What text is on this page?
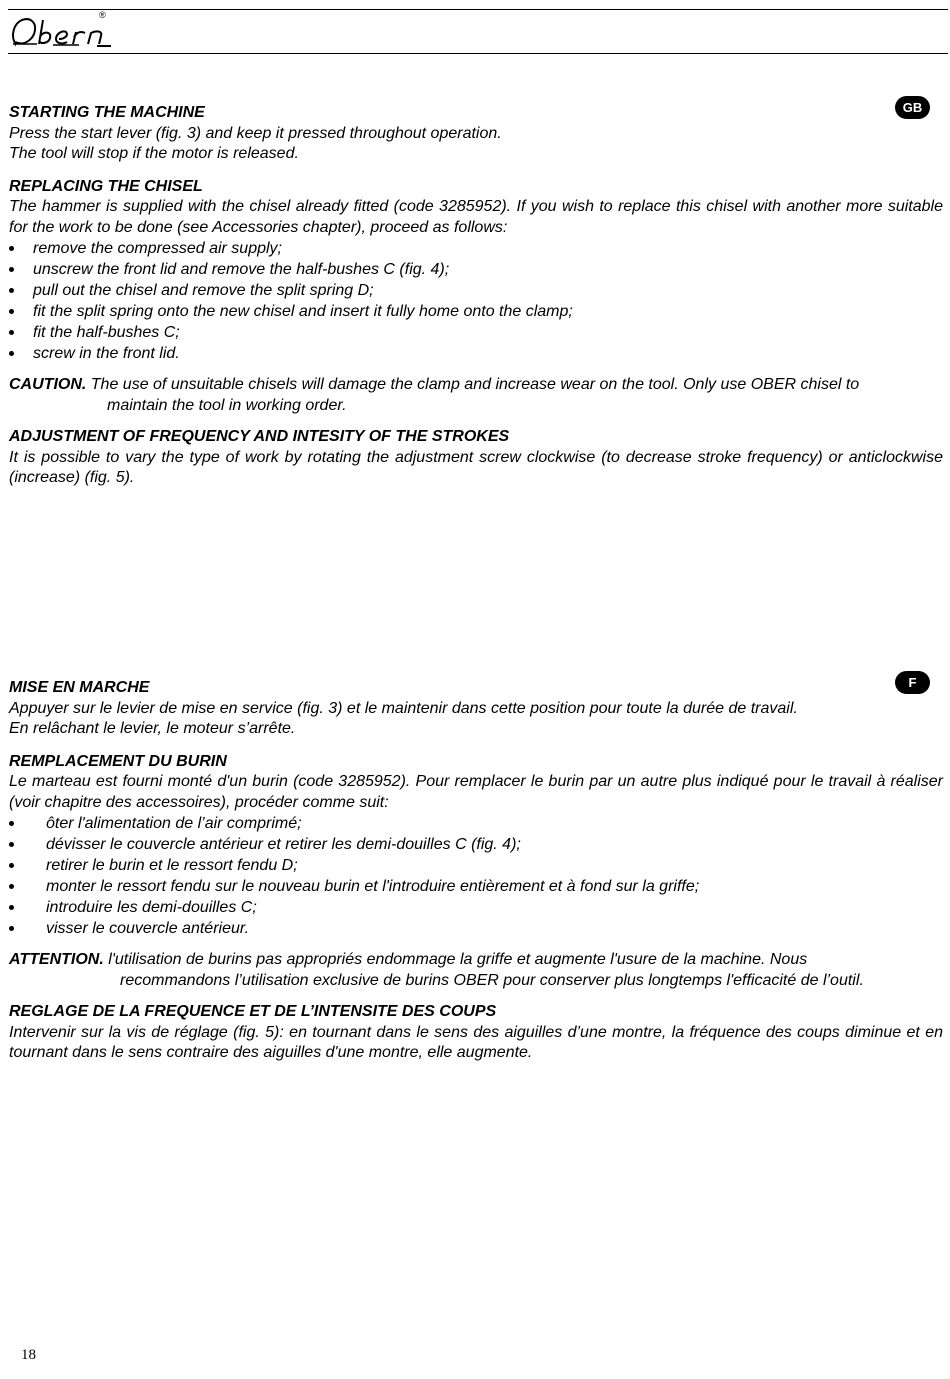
®
GB

STARTING THE MACHINE

Press the start lever (fig. 3) and keep it pressed throughout operation.

The tool will stop if the motor is released.

REPLACING THE CHISEL

The hammer is supplied with the chisel already fitted (code 3285952). If you wish to replace this chisel with another more suitable for the work to be done (see Accessories chapter), proceed as follows:

remove the compressed air supply;
unscrew the front lid and remove the half-bushes C (fig. 4);
pull out the chisel and remove the split spring D;
fit the split spring onto the new chisel and insert it fully home onto the clamp;
fit the half-bushes C;
screw in the front lid.

CAUTION. The use of unsuitable chisels will damage the clamp and increase wear on the tool. Only use OBER chisel to

maintain the tool in working order.

ADJUSTMENT OF FREQUENCY AND INTESITY OF THE STROKES

It is possible to vary the type of work by rotating the adjustment screw clockwise (to decrease stroke frequency) or anticlockwise (increase) (fig. 5).

F

MISE EN MARCHE

Appuyer sur le levier de mise en service (fig. 3) et le maintenir dans cette position pour toute la durée de travail.

En relâchant le levier, le moteur s’arrête.

REMPLACEMENT DU BURIN

Le marteau est fourni monté d'un burin (code 3285952). Pour remplacer le burin par un autre plus indiqué pour le travail à réaliser (voir chapitre des accessoires), procéder comme suit:

ôter l'alimentation de l’air comprimé;
dévisser le couvercle antérieur et retirer les demi-douilles C (fig. 4);
retirer le burin et le ressort fendu D;
monter le ressort fendu sur le nouveau burin et l'introduire entièrement et à fond sur la griffe;
introduire les demi-douilles C;
visser le couvercle antérieur.

ATTENTION. l'utilisation de burins pas appropriés endommage la griffe et augmente l'usure de la machine. Nous

recommandons l’utilisation exclusive de burins OBER pour conserver plus longtemps l'efficacité de l’outil.

REGLAGE DE LA FREQUENCE ET DE L’INTENSITE DES COUPS

Intervenir sur la vis de réglage (fig. 5): en tournant dans le sens des aiguilles d’une montre, la fréquence des coups diminue et en tournant dans le sens contraire des aiguilles d'une montre, elle augmente.

18
